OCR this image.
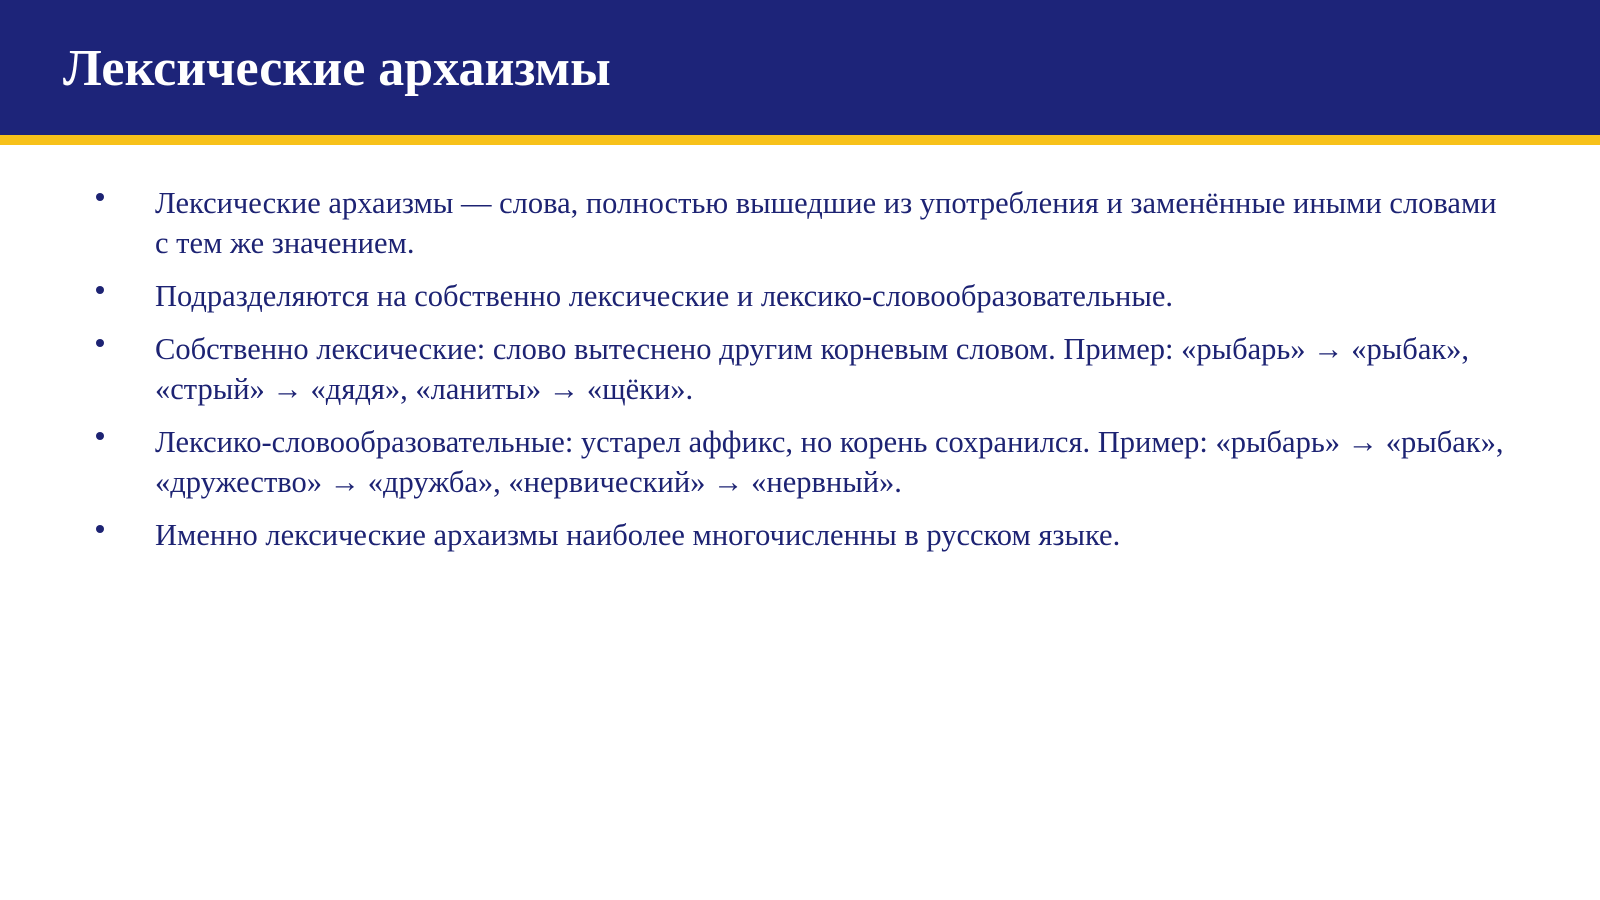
Лексические архаизмы
Лексические архаизмы — слова, полностью вышедшие из употребления и заменённые иными словами с тем же значением.
Подразделяются на собственно лексические и лексико-словообразовательные.
Собственно лексические: слово вытеснено другим корневым словом. Пример: «рыбарь» → «рыбак», «стрый» → «дядя», «ланиты» → «щёки».
Лексико-словообразовательные: устарел аффикс, но корень сохранился. Пример: «рыбарь» → «рыбак», «дружество» → «дружба», «нервический» → «нервный».
Именно лексические архаизмы наиболее многочисленны в русском языке.
